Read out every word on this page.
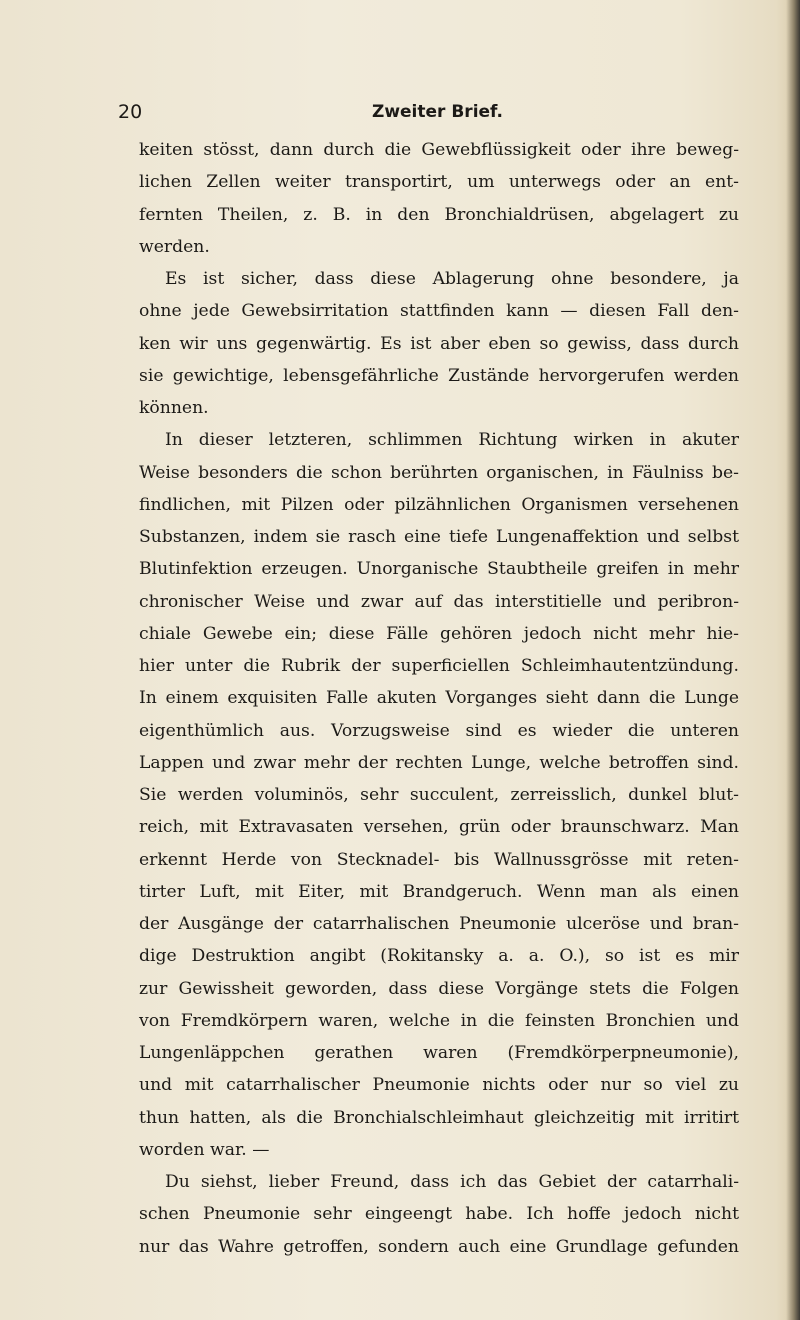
20	Zweiter Brief.
keiten stösst, dann durch die Gewebflüssigkeit oder ihre beweg-
lichen Zellen weiter transportirt, um unterwegs oder an ent-
fernten Theilen, z. B. in den Bronchialdrüsen, abgelagert zu
werden.
Es ist sicher, dass diese Ablagerung ohne besondere, ja
ohne jede Gewebsirritation stattfinden kann — diesen Fall den-
ken wir uns gegenwärtig. Es ist aber eben so gewiss, dass durch
sie gewichtige, lebensgefährliche Zustände hervorgerufen werden
können.
In dieser letzteren, schlimmen Richtung wirken in akuter
Weise besonders die schon berührten organischen, in Fäulniss be-
findlichen, mit Pilzen oder pilzähnlichen Organismen versehenen
Substanzen, indem sie rasch eine tiefe Lungenaffektion und selbst
Blutinfektion erzeugen. Unorganische Staubtheile greifen in mehr
chronischer Weise und zwar auf das interstitielle und peribron-
chiale Gewebe ein; diese Fälle gehören jedoch nicht mehr hie-
hier unter die Rubrik der superficiellen Schleimhautentzündung.
In einem exquisiten Falle akuten Vorganges sieht dann die Lunge
eigenthümlich aus. Vorzugsweise sind es wieder die unteren
Lappen und zwar mehr der rechten Lunge, welche betroffen sind.
Sie werden voluminös, sehr succulent, zerreisslich, dunkel blut-
reich, mit Extravasaten versehen, grün oder braunschwarz. Man
erkennt Herde von Stecknadel- bis Wallnussgrösse mit reten-
tirter Luft, mit Eiter, mit Brandgeruch. Wenn man als einen
der Ausgänge der catarrhalischen Pneumonie ulceröse und bran-
dige Destruktion angibt (Rokitansky a. a. O.), so ist es mir
zur Gewissheit geworden, dass diese Vorgänge stets die Folgen
von Fremdkörpern waren, welche in die feinsten Bronchien und
Lungenläppchen gerathen waren (Fremdkörperpneumonie),
und mit catarrhalischer Pneumonie nichts oder nur so viel zu
thun hatten, als die Bronchialschleimhaut gleichzeitig mit irritirt
worden war. —
Du siehst, lieber Freund, dass ich das Gebiet der catarrhali-
schen Pneumonie sehr eingeengt habe. Ich hoffe jedoch nicht
nur das Wahre getroffen, sondern auch eine Grundlage gefunden
